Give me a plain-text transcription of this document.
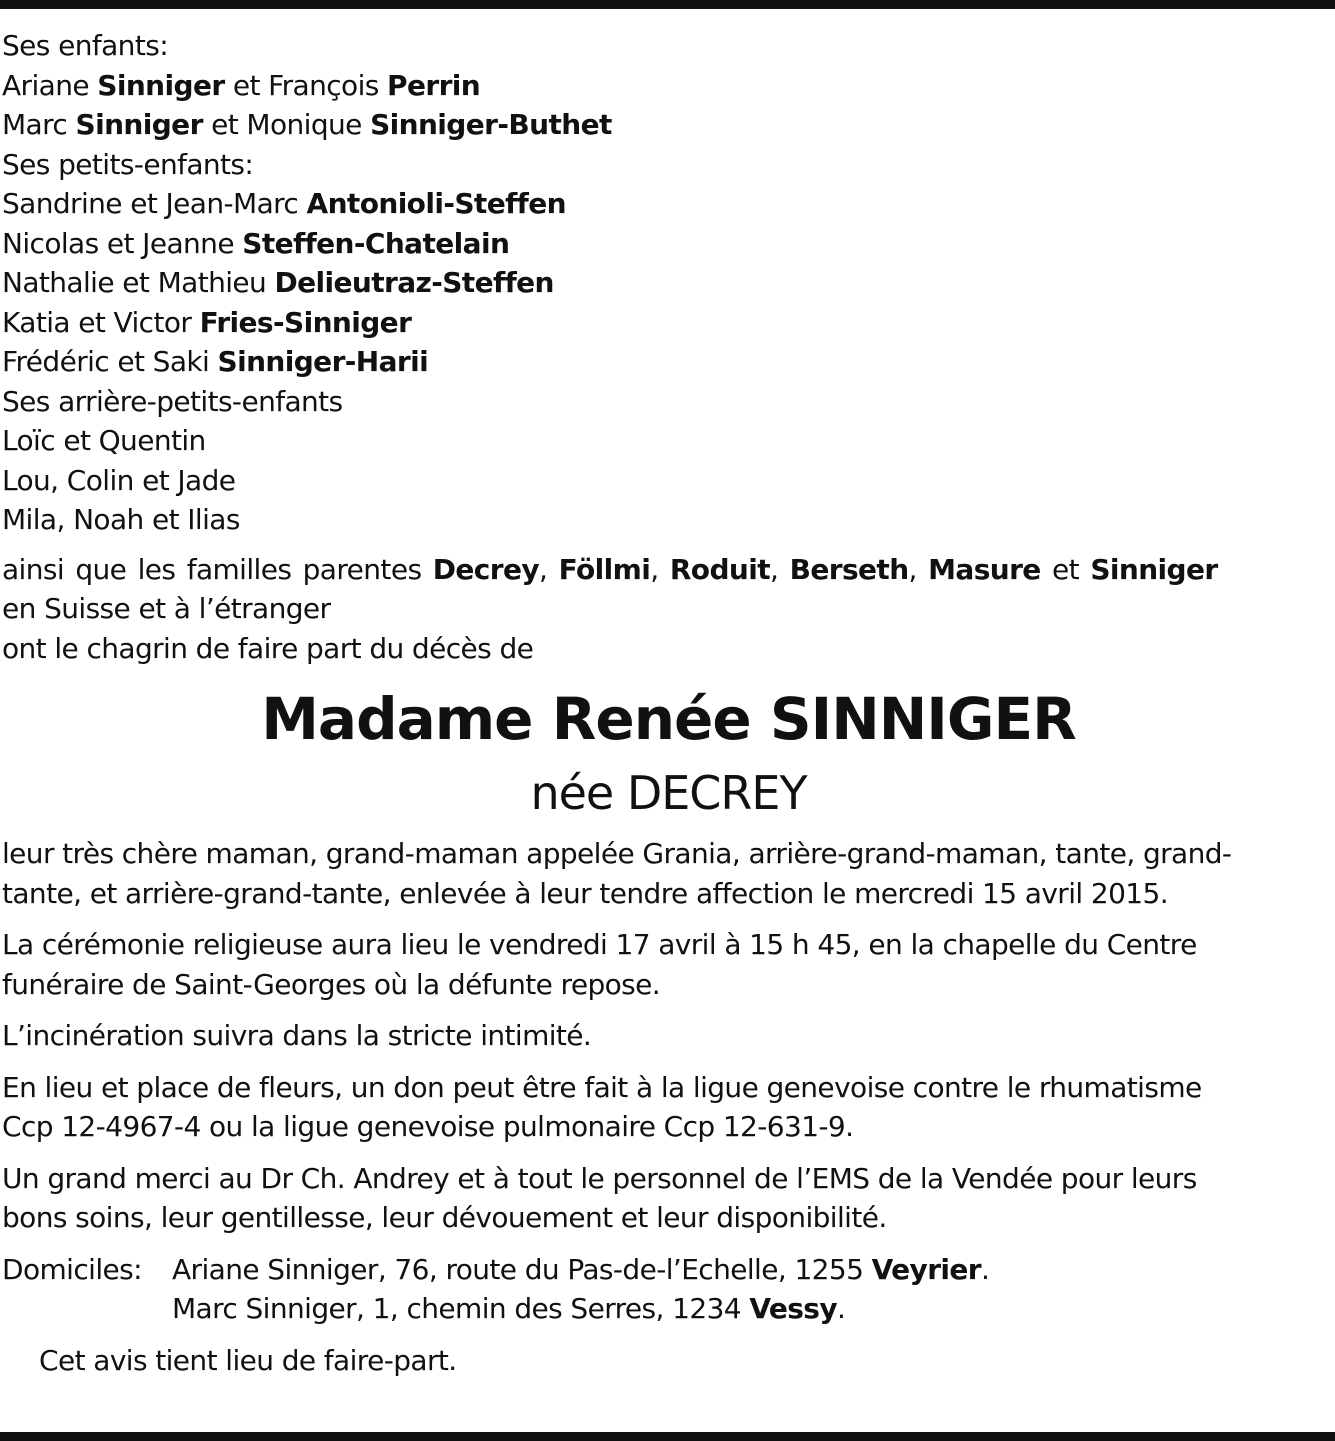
Ses enfants:
Ariane Sinniger et François Perrin
Marc Sinniger et Monique Sinniger-Buthet
Ses petits-enfants:
Sandrine et Jean-Marc Antonioli-Steffen
Nicolas et Jeanne Steffen-Chatelain
Nathalie et Mathieu Delieutraz-Steffen
Katia et Victor Fries-Sinniger
Frédéric et Saki Sinniger-Harii
Ses arrière-petits-enfants
Loïc et Quentin
Lou, Colin et Jade
Mila, Noah et Ilias
ainsi que les familles parentes Decrey, Föllmi, Roduit, Berseth, Masure et Sinniger
en Suisse et à l’étranger
ont le chagrin de faire part du décès de
Madame Renée SINNIGER
née DECREY
leur très chère maman, grand-maman appelée Grania, arrière-grand-maman, tante, grand-
tante, et arrière-grand-tante, enlevée à leur tendre affection le mercredi 15 avril 2015.
La cérémonie religieuse aura lieu le vendredi 17 avril à 15 h 45, en la chapelle du Centre
funéraire de Saint-Georges où la défunte repose.
L’incinération suivra dans la stricte intimité.
En lieu et place de fleurs, un don peut être fait à la ligue genevoise contre le rhumatisme
Ccp 12-4967-4 ou la ligue genevoise pulmonaire Ccp 12-631-9.
Un grand merci au Dr Ch. Andrey et à tout le personnel de l’EMS de la Vendée pour leurs
bons soins, leur gentillesse, leur dévouement et leur disponibilité.
Domiciles:	Ariane Sinniger, 76, route du Pas-de-l’Echelle, 1255 Veyrier.
Marc Sinniger, 1, chemin des Serres, 1234 Vessy.
Cet avis tient lieu de faire-part.
